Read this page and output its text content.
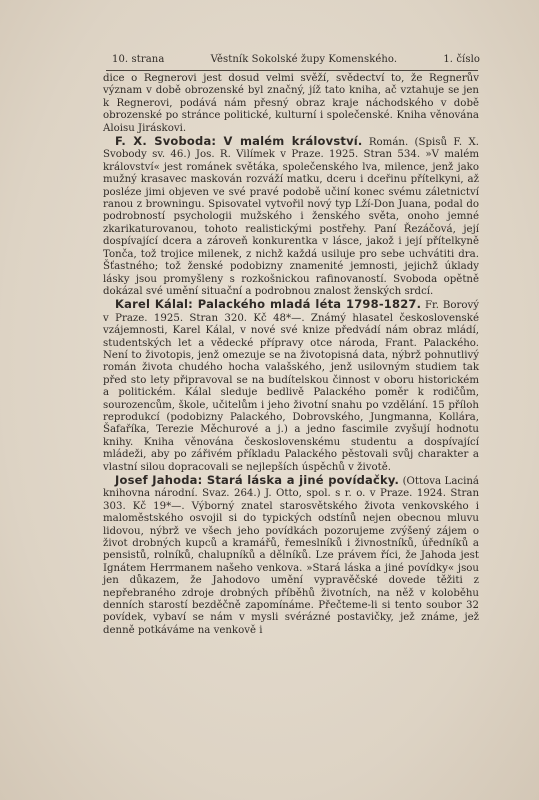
10. strana	Věstník Sokolské župy Komenského.	1. číslo

dice o Regnerovi jest dosud velmi svěží, svědectví to, že Regnerův význam v době obrozenské byl značný, jíž tato kniha, ač vztahuje se jen k Regnerovi, podává nám přesný obraz kraje náchodského v době obrozenské po stránce politické, kulturní i společenské. Kniha věnována Aloisu Jiráskovi.

F. X. Svoboda: V malém království. Román. (Spisů F. X. Svobody sv. 46.) Jos. R. Vilímek v Praze. 1925. Stran 534. »V malém království« jest románek světáka, společenského lva, milence, jenž jako mužný krasavec maskován rozváží matku, dceru i dceřinu přítelkyni, až posléze jimi objeven ve své pravé podobě učiní konec svému záletnictví ranou z browningu. Spisovatel vytvořil nový typ Lží-Don Juana, podal do podrobností psychologii mužského i ženského světa, onoho jemné zkarikaturovanou, tohoto realistickými postřehy. Paní Řezáčová, její dospívající dcera a zároveň konkurentka v lásce, jakož i její přítelkyně Tonča, tož trojice milenek, z nichž každá usiluje pro sebe uchvátiti dra. Šťastného; tož ženské podobizny znamenité jemnosti, jejichž úklady lásky jsou promyšleny s rozkošnickou rafinovaností. Svoboda opětně dokázal své umění situační a podrobnou znalost ženských srdcí.

Karel Kálal: Palackého mladá léta 1798-1827. Fr. Borový v Praze. 1925. Stran 320. Kč 48*—. Známý hlasatel československé vzájemnosti, Karel Kálal, v nové své knize předvádí nám obraz mládí, studentských let a vědecké přípravy otce národa, Frant. Palackého. Není to životopis, jenž omezuje se na životopisná data, nýbrž pohnutlivý román života chudého hocha valašského, jenž usilovným studiem tak před sto lety připravoval se na budítelskou činnost v oboru historickém a politickém. Kálal sleduje bedlivě Palackého poměr k rodičům, sourozencům, škole, učitelům i jeho životní snahu po vzdělání. 15 příloh reprodukcí (podobizny Palackého, Dobrovského, Jungmanna, Kollára, Šafaříka, Terezie Měchurové a j.) a jedno fascimile zvyšují hodnotu knihy. Kniha věnována československému studentu a dospívající mládeži, aby po zářivém příkladu Palackého pěstovali svůj charakter a vlastní silou dopracovali se nejlepších úspěchů v životě.

Josef Jahoda: Stará láska a jiné povídačky. (Ottova Laciná knihovna národní. Svaz. 264.) J. Otto, spol. s r. o. v Praze. 1924. Stran 303. Kč 19*—. Výborný znatel starosvětského života venkovského i maloměstského osvojil si do typických odstínů nejen obecnou mluvu lidovou, nýbrž ve všech jeho povídkách pozorujeme zvýšený zájem o život drobných kupců a kramářů, řemeslníků i živnostníků, úředníků a pensistů, rolníků, chalupníků a dělníků. Lze právem říci, že Jahoda jest Ignátem Herrmanem našeho venkova. »Stará láska a jiné povídky« jsou jen důkazem, že Jahodovo umění vypravěčské dovede těžiti z nepřebraného zdroje drobných příběhů životních, na něž v koloběhu denních starostí bezděčně zapomínáme. Přečteme-li si tento soubor 32 povídek, vybaví se nám v mysli svérázné postavičky, jež známe, jež denně potkáváme na venkově i
